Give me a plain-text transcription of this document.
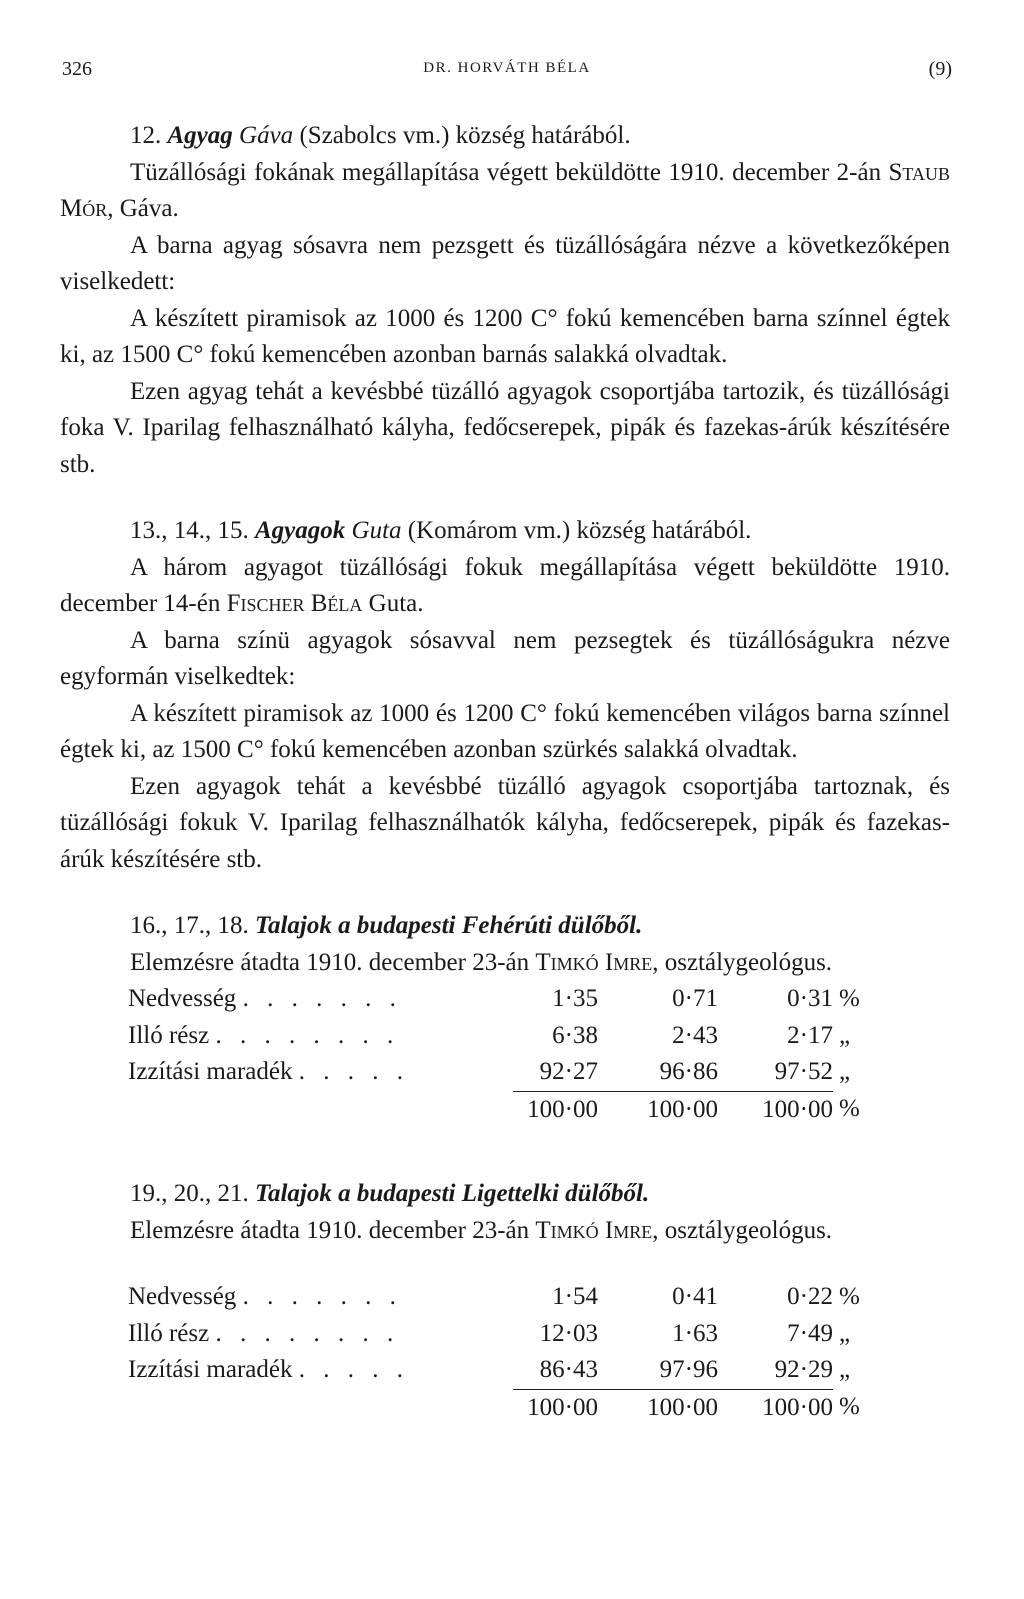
326	DR. HORVÁTH BÉLA	(9)

12. Agyag Gáva (Szabolcs vm.) község határából.

Tüzállósági fokának megállapítása végett beküldötte 1910. december 2-án Staub Mór, Gáva.

A barna agyag sósavra nem pezsgett és tüzállóságára nézve a következőképen viselkedett:

A készített piramisok az 1000 és 1200 C° fokú kemencében barna színnel égtek ki, az 1500 C° fokú kemencében azonban barnás salakká olvadtak.

Ezen agyag tehát a kevésbbé tüzálló agyagok csoportjába tartozik, és tüzállósági foka V. Iparilag felhasználható kályha, fedőcserepek, pipák és fazekas-árúk készítésére stb.

13., 14., 15. Agyagok Guta (Komárom vm.) község határából.

A három agyagot tüzállósági fokuk megállapítása végett beküldötte 1910. december 14-én Fischer Béla Guta.

A barna színü agyagok sósavval nem pezsegtek és tüzállóságukra nézve egyformán viselkedtek:

A készített piramisok az 1000 és 1200 C° fokú kemencében világos barna színnel égtek ki, az 1500 C° fokú kemencében azonban szürkés salakká olvadtak.

Ezen agyagok tehát a kevésbbé tüzálló agyagok csoportjába tartoznak, és tüzállósági fokuk V. Iparilag felhasználhatók kályha, fedőcserepek, pipák és fazekas-árúk készítésére stb.

16., 17., 18. Talajok a budapesti Fehérúti dülőből.

Elemzésre átadta 1910. december 23-án Timkó Imre, osztálygeológus.

Nedvesség . . . . . . .	1·35	0·71	0·31	%
Illó rész . . . . . . . .	6·38	2·43	2·17	„
Izzítási maradék . . . . .	92·27	96·86	97·52	„
	100·00	100·00	100·00	%

19., 20., 21. Talajok a budapesti Ligettelki dülőből.

Elemzésre átadta 1910. december 23-án Timkó Imre, osztálygeológus.

Nedvesség . . . . . . .	1·54	0·41	0·22	%
Illó rész . . . . . . . .	12·03	1·63	7·49	„
Izzítási maradék . . . . .	86·43	97·96	92·29	„
	100·00	100·00	100·00	%
